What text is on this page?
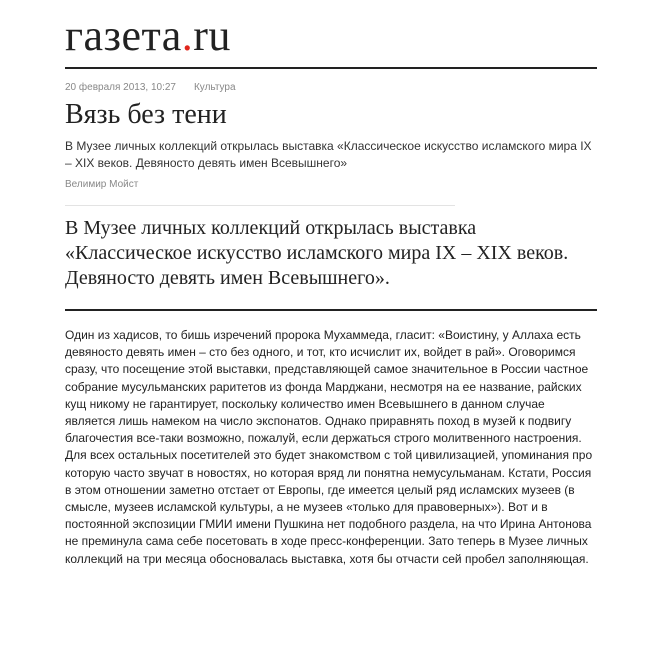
газета.ru
20 февраля 2013, 10:27 Культура
Вязь без тени
В Музее личных коллекций открылась выставка «Классическое искусство исламского мира IX – XIX веков. Девяносто девять имен Всевышнего»
Велимир Мойст
В Музее личных коллекций открылась выставка «Классическое искусство исламского мира IX – XIX веков. Девяносто девять имен Всевышнего».
Один из хадисов, то бишь изречений пророка Мухаммеда, гласит: «Воистину, у Аллаха есть девяносто девять имен – сто без одного, и тот, кто исчислит их, войдет в рай». Оговоримся сразу, что посещение этой выставки, представляющей самое значительное в России частное собрание мусульманских раритетов из фонда Марджани, несмотря на ее название, райских кущ никому не гарантирует, поскольку количество имен Всевышнего в данном случае является лишь намеком на число экспонатов. Однако приравнять поход в музей к подвигу благочестия все-таки возможно, пожалуй, если держаться строго молитвенного настроения. Для всех остальных посетителей это будет знакомством с той цивилизацией, упоминания про которую часто звучат в новостях, но которая вряд ли понятна немусульманам. Кстати, Россия в этом отношении заметно отстает от Европы, где имеется целый ряд исламских музеев (в смысле, музеев исламской культуры, а не музеев «только для правоверных»). Вот и в постоянной экспозиции ГМИИ имени Пушкина нет подобного раздела, на что Ирина Антонова не преминула сама себе посетовать в ходе пресс-конференции. Зато теперь в Музее личных коллекций на три месяца обосновалась выставка, хотя бы отчасти сей пробел заполняющая.
